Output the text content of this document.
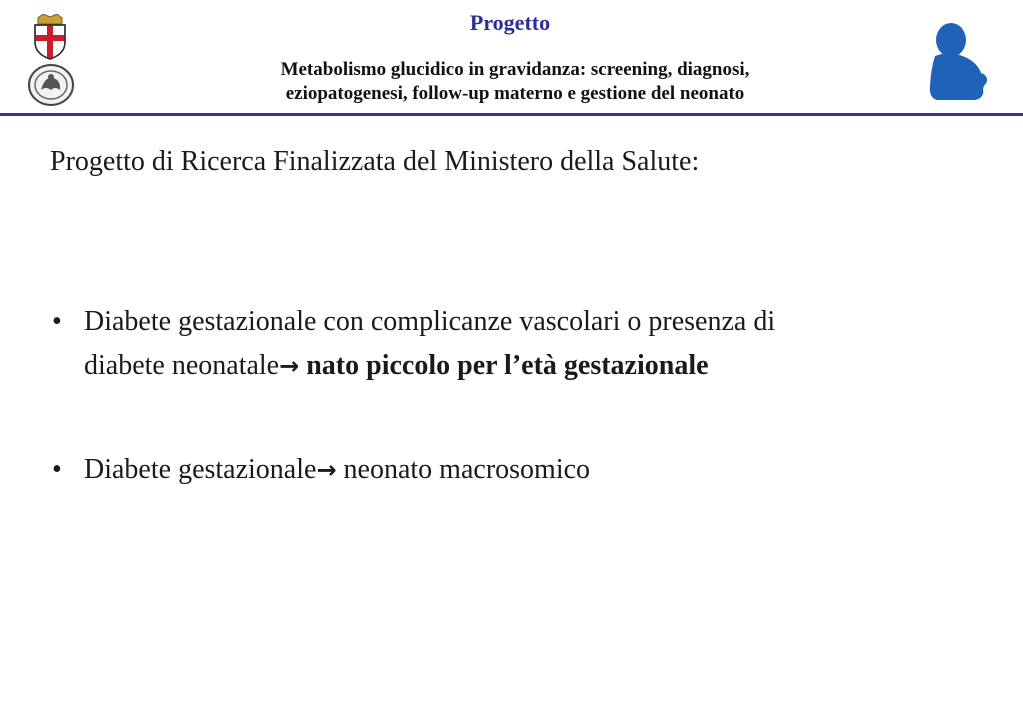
Progetto

Metabolismo glucidico in gravidanza: screening, diagnosi,
eziopatogenesi, follow-up materno e gestione del neonato

Progetto di Ricerca Finalizzata del Ministero della Salute:

• Diabete gestazionale con complicanze vascolari o presenza di
diabete neonatale→ nato piccolo per l’età gestazionale
• Diabete gestazionale→ neonato macrosomico
